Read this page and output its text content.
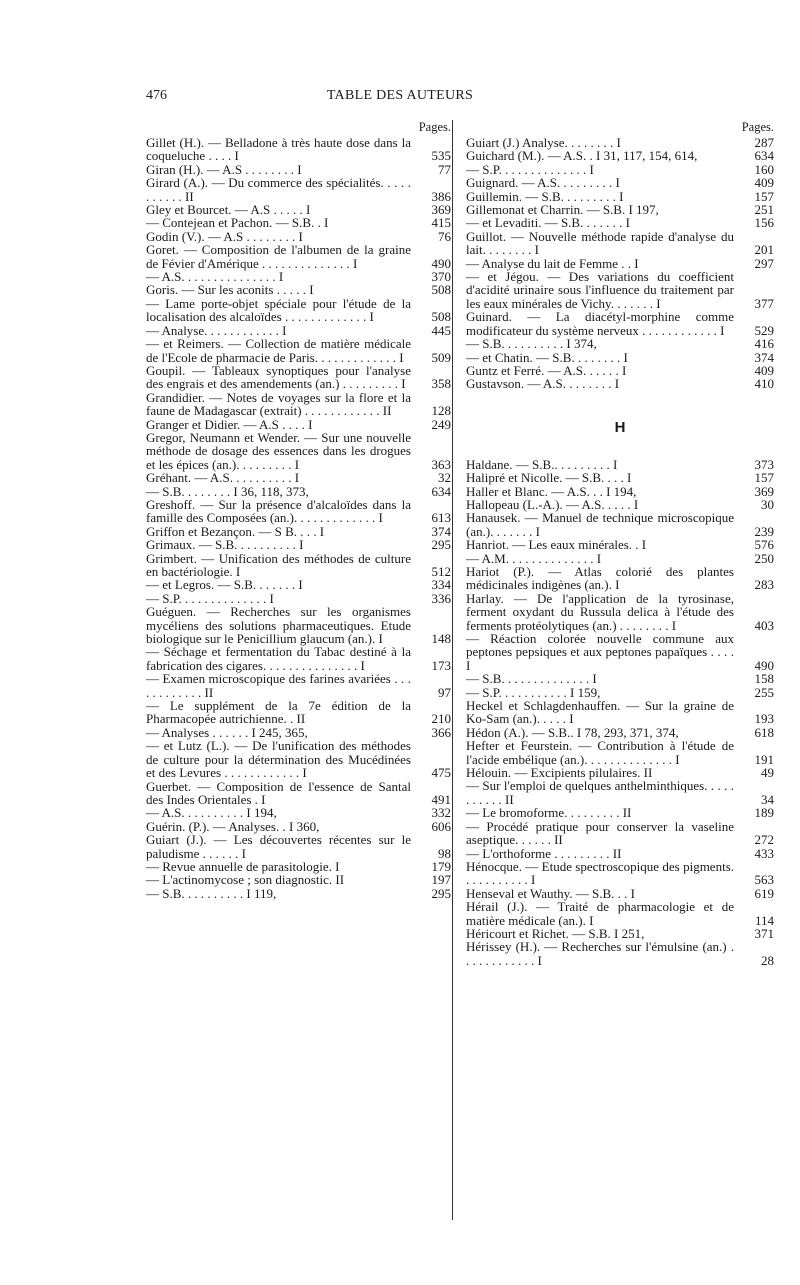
476	TABLE DES AUTEURS
Pages.
Gillet (H.). — Belladone à très haute dose dans la coqueluche . . . . I	535
Giran (H.). — A.S . . . . . . . . I	77
Girard (A.). — Du commerce des spécialités. . . . . . . . . . . II	386
Gley et Bourcet. — A.S . . . . . I	369
— Contejean et Pachon. — S.B. . I	415
Godin (V.). — A.S . . . . . . . . I	76
Goret. — Composition de l'albumen de la graine de Févier d'Amérique . . . . . . . . . . . . . . I	490
— A.S. . . . . . . . . . . . . . . I	370
Goris. — Sur les aconits . . . . . I	508
— Lame porte-objet spéciale pour l'étude de la localisation des alcaloïdes . . . . . . . . . . . . . I	508
— Analyse. . . . . . . . . . . . I	445
— et Reimers. — Collection de matière médicale de l'Ecole de pharmacie de Paris. . . . . . . . . . . . . I	509
Goupil. — Tableaux synoptiques pour l'analyse des engrais et des amendements (an.) . . . . . . . . . I	358
Grandidier. — Notes de voyages sur la flore et la faune de Madagascar (extrait) . . . . . . . . . . . . II	128
Granger et Didier. — A.S . . . . I	249
Gregor, Neumann et Wender. — Sur une nouvelle méthode de dosage des essences dans les drogues et les épices (an.). . . . . . . . . I	363
Gréhant. — A.S. . . . . . . . . . I	32
— S.B. . . . . . . . I 36, 118, 373,	634
Greshoff. — Sur la présence d'alcaloïdes dans la famille des Composées (an.). . . . . . . . . . . . . I	613
Griffon et Bezançon. — S B. . . . I	374
Grimaux. — S.B. . . . . . . . . . I	295
Grimbert. — Unification des méthodes de culture en bactériologie. I	512
— et Legros. — S.B. . . . . . . I	334
— S.P. . . . . . . . . . . . . . I	336
Guéguen. — Recherches sur les organismes mycéliens des solutions pharmaceutiques. Etude biologique sur le Penicillium glaucum (an.). I	148
— Séchage et fermentation du Tabac destiné à la fabrication des cigares. . . . . . . . . . . . . . . I	173
— Examen microscopique des farines avariées . . . . . . . . . . . . II	97
— Le supplément de la 7e édition de la Pharmacopée autrichienne. . II	210
— Analyses . . . . . . I 245, 365,	366
— et Lutz (L.). — De l'unification des méthodes de culture pour la détermination des Mucédinées et des Levures . . . . . . . . . . . . I	475
Guerbet. — Composition de l'essence de Santal des Indes Orientales . I	491
— A.S. . . . . . . . . . I 194,	332
Guérin. (P.). — Analyses. . I 360,	606
Guiart (J.). — Les découvertes récentes sur le paludisme . . . . . . I	98
— Revue annuelle de parasitologie. I	179
— L'actinomycose ; son diagnostic. II	197
— S.B. . . . . . . . . . I 119,	295
Pages.
Guiart (J.) Analyse. . . . . . . . I	287
Guichard (M.). — A.S. . I 31, 117, 154, 614,	634
— S.P. . . . . . . . . . . . . . I	160
Guignard. — A.S. . . . . . . . . I	409
Guillemin. — S.B. . . . . . . . . I	157
Gillemonat et Charrin. — S.B. I 197,	251
— et Levaditi. — S.B. . . . . . . I	156
Guillot. — Nouvelle méthode rapide d'analyse du lait. . . . . . . . I	201
— Analyse du lait de Femme . . I	297
— et Jégou. — Des variations du coefficient d'acidité urinaire sous l'influence du traitement par les eaux minérales de Vichy. . . . . . . I	377
Guinard. — La diacétyl-morphine comme modificateur du système nerveux . . . . . . . . . . . . I	529
— S.B. . . . . . . . . . I 374,	416
— et Chatin. — S.B. . . . . . . . I	374
Guntz et Ferré. — A.S. . . . . . I	409
Gustavson. — A.S. . . . . . . . I	410
H
Haldane. — S.B.. . . . . . . . . I	373
Halipré et Nicolle. — S.B. . . . I	157
Haller et Blanc. — A.S. . . I 194,	369
Hallopeau (L.-A.). — A.S. . . . . I	30
Hanausek. — Manuel de technique microscopique (an.). . . . . . . I	239
Hanriot. — Les eaux minérales. . I	576
— A.M. . . . . . . . . . . . . . I	250
Hariot (P.). — Atlas colorié des plantes médicinales indigènes (an.). I	283
Harlay. — De l'application de la tyrosinase, ferment oxydant du Russula delica à l'étude des ferments protéolytiques (an.) . . . . . . . . I	403
— Réaction colorée nouvelle commune aux peptones pepsiques et aux peptones papaïques . . . . I	490
— S.B. . . . . . . . . . . . . . I	158
— S.P. . . . . . . . . . . I 159,	255
Heckel et Schlagdenhauffen. — Sur la graine de Ko-Sam (an.). . . . . I	193
Hédon (A.). — S.B.. I 78, 293, 371, 374,	618
Hefter et Feurstein. — Contribution à l'étude de l'acide embélique (an.). . . . . . . . . . . . . . I	191
Hélouin. — Excipients pilulaires. II	49
— Sur l'emploi de quelques anthelminthiques. . . . . . . . . . . II	34
— Le bromoforme. . . . . . . . . II	189
— Procédé pratique pour conserver la vaseline aseptique. . . . . . II	272
— L'orthoforme . . . . . . . . . II	433
Hénocque. — Etude spectroscopique des pigments. . . . . . . . . . . I	563
Henseval et Wauthy. — S.B. . . I	619
Hérail (J.). — Traité de pharmacologie et de matière médicale (an.). I	114
Héricourt et Richet. — S.B. I 251,	371
Hérissey (H.). — Recherches sur l'émulsine (an.) . . . . . . . . . . . . I	28
